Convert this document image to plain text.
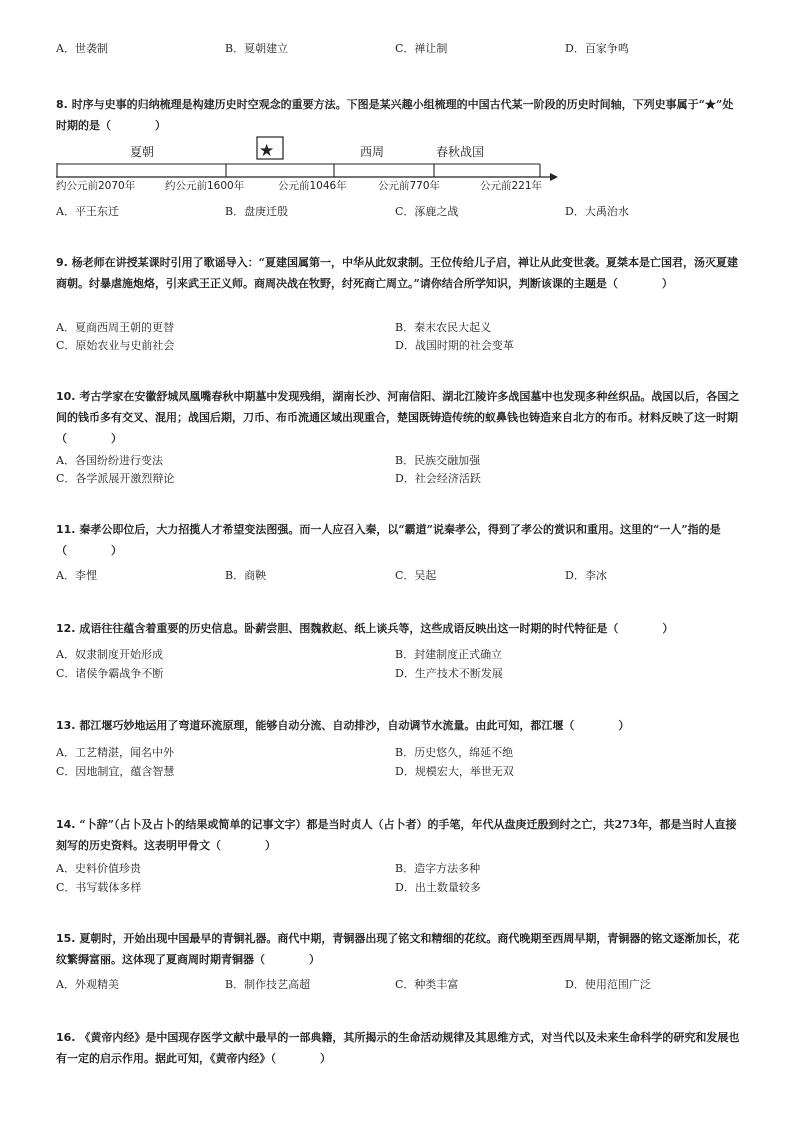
A．世袭制	B．夏朝建立	C．禅让制	D．百家争鸣
8. 时序与史事的归纳梳理是构建历史时空观念的重要方法。下图是某兴趣小组梳理的中国古代某一阶段的历史时间轴，下列史事属于“★”处时期的是（　　　　）
夏朝	★	西周	春秋战国
约公元前2070年	约公元前1600年	公元前1046年	公元前770年	公元前221年
A．平王东迁	B．盘庚迁殷	C．涿鹿之战	D．大禹治水
9. 杨老师在讲授某课时引用了歌谣导入：“夏建国属第一，中华从此奴隶制。王位传给儿子启，禅让从此变世袭。夏桀本是亡国君，汤灭夏建商朝。纣暴虐施炮烙，引来武王正义师。商周决战在牧野，纣死商亡周立。”请你结合所学知识，判断该课的主题是（　　　　）
A．夏商西周王朝的更替	B．秦末农民大起义
C．原始农业与史前社会	D．战国时期的社会变革
10. 考古学家在安徽舒城凤凰嘴春秋中期墓中发现残绢，湖南长沙、河南信阳、湖北江陵许多战国墓中也发现多种丝织品。战国以后，各国之间的钱币多有交叉、混用；战国后期，刀币、布币流通区域出现重合，楚国既铸造传统的蚁鼻钱也铸造来自北方的布币。材料反映了这一时期（　　　　）
A．各国纷纷进行变法	B．民族交融加强
C．各学派展开激烈辩论	D．社会经济活跃
11. 秦孝公即位后，大力招揽人才希望变法图强。而一人应召入秦，以“霸道”说秦孝公，得到了孝公的赏识和重用。这里的“一人”指的是（　　　　）
A．李悝	B．商鞅	C．吴起	D．李冰
12. 成语往往蕴含着重要的历史信息。卧薪尝胆、围魏救赵、纸上谈兵等，这些成语反映出这一时期的时代特征是（　　　　）
A．奴隶制度开始形成	B．封建制度正式确立
C．诸侯争霸战争不断	D．生产技术不断发展
13. 都江堰巧妙地运用了弯道环流原理，能够自动分流、自动排沙，自动调节水流量。由此可知，都江堰（　　　　）
A．工艺精湛，闻名中外	B．历史悠久，绵延不绝
C．因地制宜，蕴含智慧	D．规模宏大，举世无双
14. “卜辞”（占卜及占卜的结果或简单的记事文字）都是当时贞人（占卜者）的手笔，年代从盘庚迁殷到纣之亡，共273年，都是当时人直接刻写的历史资料。这表明甲骨文（　　　　）
A．史料价值珍贵	B．造字方法多种
C．书写载体多样	D．出土数量较多
15. 夏朝时，开始出现中国最早的青铜礼器。商代中期，青铜器出现了铭文和精细的花纹。商代晚期至西周早期，青铜器的铭文逐渐加长，花纹繁缛富丽。这体现了夏商周时期青铜器（　　　　）
A．外观精美	B．制作技艺高超	C．种类丰富	D．使用范围广泛
16. 《黄帝内经》是中国现存医学文献中最早的一部典籍，其所揭示的生命活动规律及其思维方式，对当代以及未来生命科学的研究和发展也有一定的启示作用。据此可知，《黄帝内经》（　　　　）
